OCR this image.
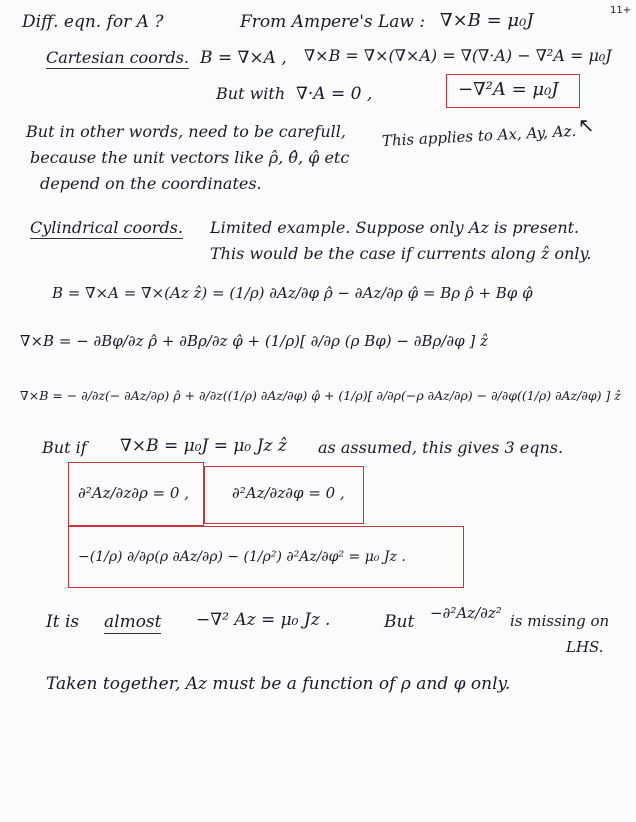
11+
Diff. eqn. for A ?	From Ampere's Law : ∇×B = μ₀J
Cartesian coords. B = ∇×A , ∇×B = ∇×(∇×A) = ∇(∇·A) − ∇²A = μ₀J
But with ∇·A = 0 ,	−∇²A = μ₀J
↑
This applies to Ax, Ay, Az.
But in other words, need to be carefull,
because the unit vectors like ρ̂, θ̂, φ̂ etc
depend on the coordinates.
Cylindrical coords. Limited example. Suppose only Az is present.
This would be the case if currents along ẑ only.
B = ∇×A = ∇×(Az ẑ) = (1/ρ) ∂Az/∂φ ρ̂ − ∂Az/∂ρ φ̂ = Bρ ρ̂ + Bφ φ̂
∇×B = − ∂Bφ/∂z ρ̂ + ∂Bρ/∂z φ̂ + (1/ρ)[ ∂/∂ρ (ρ Bφ) − ∂Bρ/∂φ ] ẑ
∇×B = − ∂/∂z(− ∂Az/∂ρ) ρ̂ + ∂/∂z((1/ρ) ∂Az/∂φ) φ̂ + (1/ρ)[ ∂/∂ρ(−ρ ∂Az/∂ρ) − ∂/∂φ((1/ρ) ∂Az/∂φ) ] ẑ
But if ∇×B = μ₀J = μ₀ Jz ẑ as assumed, this gives 3 eqns.
∂²Az/∂z∂ρ = 0 ,	∂²Az/∂z∂φ = 0 ,
−(1/ρ) ∂/∂ρ(ρ ∂Az/∂ρ) − (1/ρ²) ∂²Az/∂φ² = μ₀ Jz .
It is almost −∇² Az = μ₀ Jz .	But −∂²Az/∂z² is missing on
LHS.
Taken together, Az must be a function of ρ and φ only.
